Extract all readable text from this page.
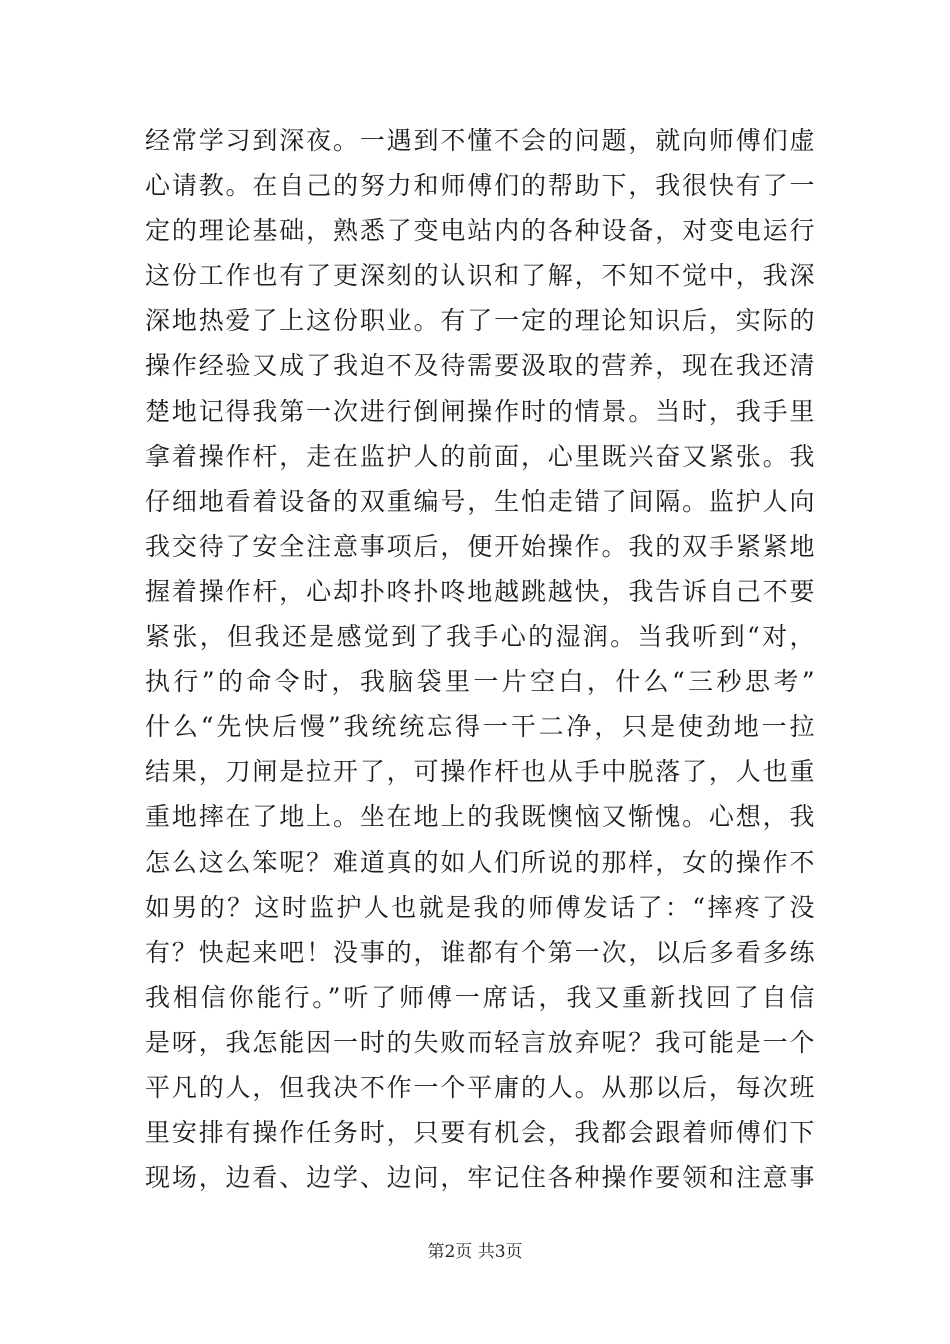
经常学习到深夜。一遇到不懂不会的问题，就向师傅们虚
心请教。在自己的努力和师傅们的帮助下，我很快有了一
定的理论基础，熟悉了变电站内的各种设备，对变电运行
这份工作也有了更深刻的认识和了解，不知不觉中，我深
深地热爱了上这份职业。有了一定的理论知识后，实际的
操作经验又成了我迫不及待需要汲取的营养，现在我还清
楚地记得我第一次进行倒闸操作时的情景。当时，我手里
拿着操作杆，走在监护人的前面，心里既兴奋又紧张。我
仔细地看着设备的双重编号，生怕走错了间隔。监护人向
我交待了安全注意事项后，便开始操作。我的双手紧紧地
握着操作杆，心却扑咚扑咚地越跳越快，我告诉自己不要
紧张，但我还是感觉到了我手心的湿润。当我听到“对，
执行”的命令时，我脑袋里一片空白，什么“三秒思考”
什么“先快后慢”我统统忘得一干二净，只是使劲地一拉
结果，刀闸是拉开了，可操作杆也从手中脱落了，人也重
重地摔在了地上。坐在地上的我既懊恼又惭愧。心想，我
怎么这么笨呢？难道真的如人们所说的那样，女的操作不
如男的？这时监护人也就是我的师傅发话了：“摔疼了没
有？快起来吧！没事的，谁都有个第一次，以后多看多练
我相信你能行。”听了师傅一席话，我又重新找回了自信
是呀，我怎能因一时的失败而轻言放弃呢？我可能是一个
平凡的人，但我决不作一个平庸的人。从那以后，每次班
里安排有操作任务时，只要有机会，我都会跟着师傅们下
现场，边看、边学、边问，牢记住各种操作要领和注意事
第2页 共3页
